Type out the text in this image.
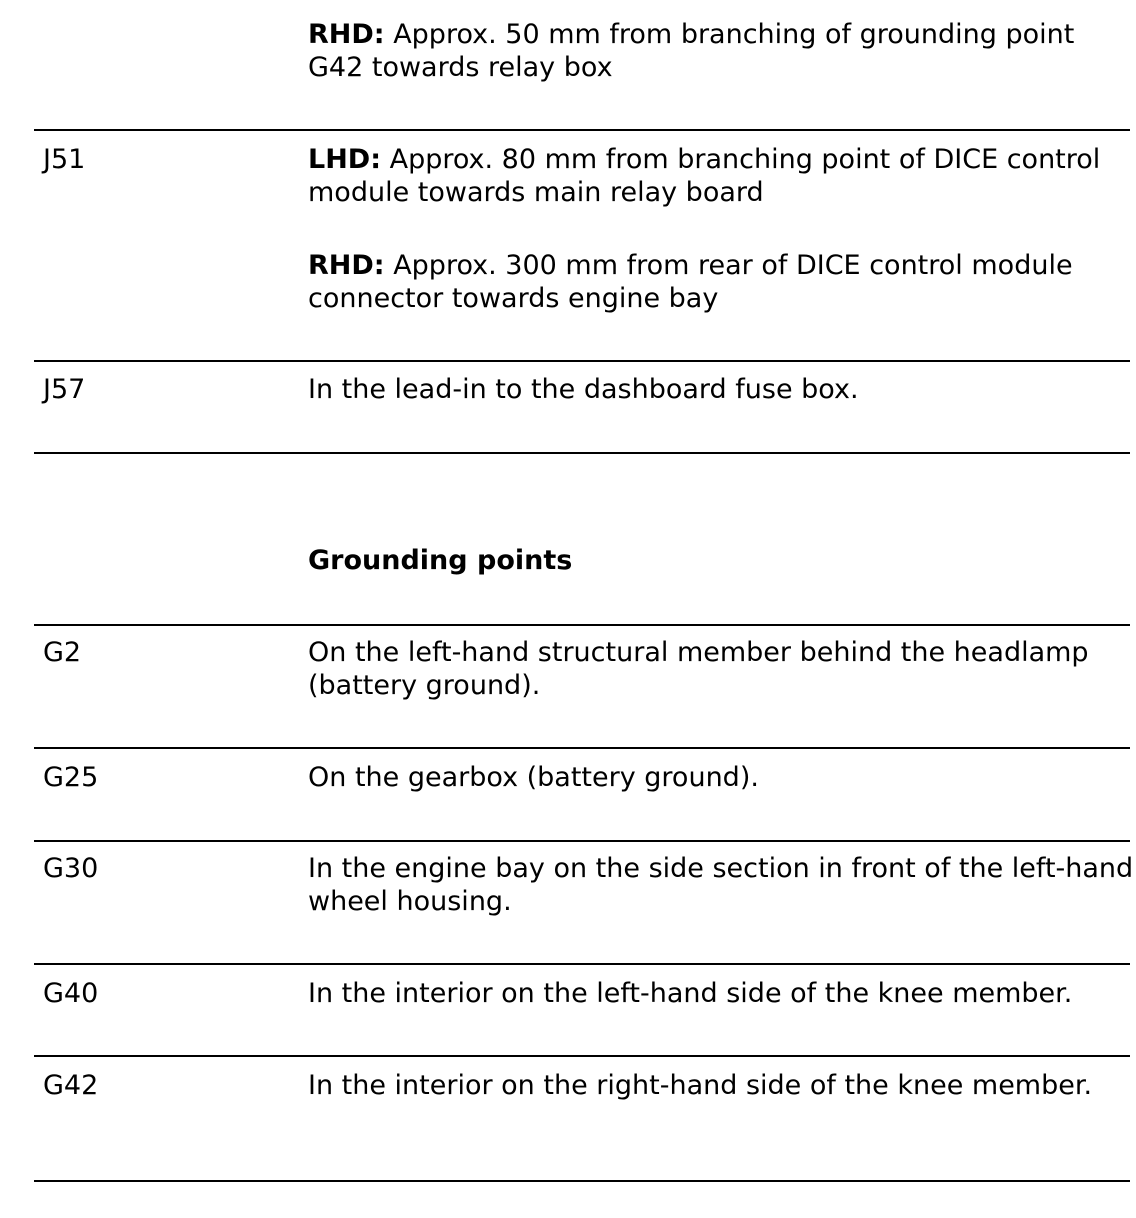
RHD: Approx. 50 mm from branching of grounding point G42 towards relay box
J51	LHD: Approx. 80 mm from branching point of DICE control module towards main relay board
RHD: Approx. 300 mm from rear of DICE control module connector towards engine bay
J57	In the lead-in to the dashboard fuse box.
Grounding points
G2	On the left-hand structural member behind the headlamp (battery ground).
G25	On the gearbox (battery ground).
G30	In the engine bay on the side section in front of the left-hand wheel housing.
G40	In the interior on the left-hand side of the knee member.
G42	In the interior on the right-hand side of the knee member.
